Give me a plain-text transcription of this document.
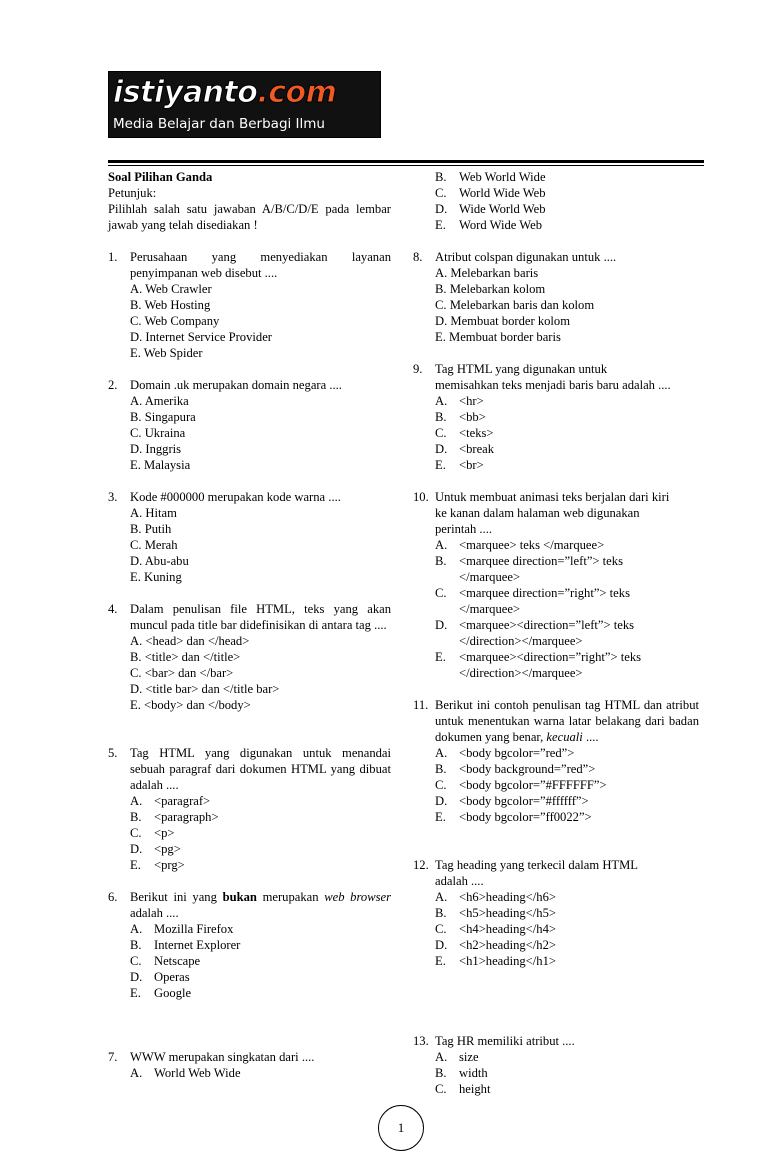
istiyanto.com
Media Belajar dan Berbagi Ilmu
Soal Pilihan Ganda
Petunjuk:
Pilihlah salah satu jawaban A/B/C/D/E pada lembar jawab yang telah disediakan !
1. Perusahaan yang menyediakan layanan penyimpanan web disebut ....
A. Web Crawler
B. Web Hosting
C. Web Company
D. Internet Service Provider
E. Web Spider
2. Domain .uk merupakan domain negara ....
A. Amerika
B. Singapura
C. Ukraina
D. Inggris
E. Malaysia
3. Kode #000000 merupakan kode warna ....
A. Hitam
B. Putih
C. Merah
D. Abu-abu
E. Kuning
4. Dalam penulisan file HTML, teks yang akan muncul pada title bar didefinisikan di antara tag ....
A. <head> dan </head>
B. <title> dan </title>
C. <bar> dan </bar>
D. <title bar> dan </title bar>
E. <body> dan </body>
5. Tag HTML yang digunakan untuk menandai sebuah paragraf dari dokumen HTML yang dibuat adalah ....
A. <paragraf>
B. <paragraph>
C. <p>
D. <pg>
E. <prg>
6. Berikut ini yang bukan merupakan web browser adalah ....
A. Mozilla Firefox
B. Internet Explorer
C. Netscape
D. Operas
E. Google
7. WWW merupakan singkatan dari ....
A. World Web Wide
B. Web World Wide
C. World Wide Web
D. Wide World Web
E. Word Wide Web
8. Atribut colspan digunakan untuk ....
A. Melebarkan baris
B. Melebarkan kolom
C. Melebarkan baris dan kolom
D. Membuat border kolom
E. Membuat border baris
9. Tag HTML yang digunakan untuk
memisahkan teks menjadi baris baru adalah ....
A. <hr>
B. <bb>
C. <teks>
D. <break
E. <br>
10. Untuk membuat animasi teks berjalan dari kiri
ke kanan dalam halaman web digunakan
perintah ....
A. <marquee> teks </marquee>
B. <marquee direction=”left”> teks
</marquee>
C. <marquee direction=”right”> teks
</marquee>
D. <marquee><direction=”left”> teks
</direction></marquee>
E. <marquee><direction=”right”> teks
</direction></marquee>
11. Berikut ini contoh penulisan tag HTML dan atribut untuk menentukan warna latar belakang dari badan dokumen yang benar, kecuali ....
A. <body bgcolor=”red”>
B. <body background=”red”>
C. <body bgcolor=”#FFFFFF”>
D. <body bgcolor=”#ffffff”>
E. <body bgcolor=”ff0022”>
12. Tag heading yang terkecil dalam HTML
adalah ....
A. <h6>heading</h6>
B. <h5>heading</h5>
C. <h4>heading</h4>
D. <h2>heading</h2>
E. <h1>heading</h1>
13. Tag HR memiliki atribut ....
A. size
B. width
C. height
1
